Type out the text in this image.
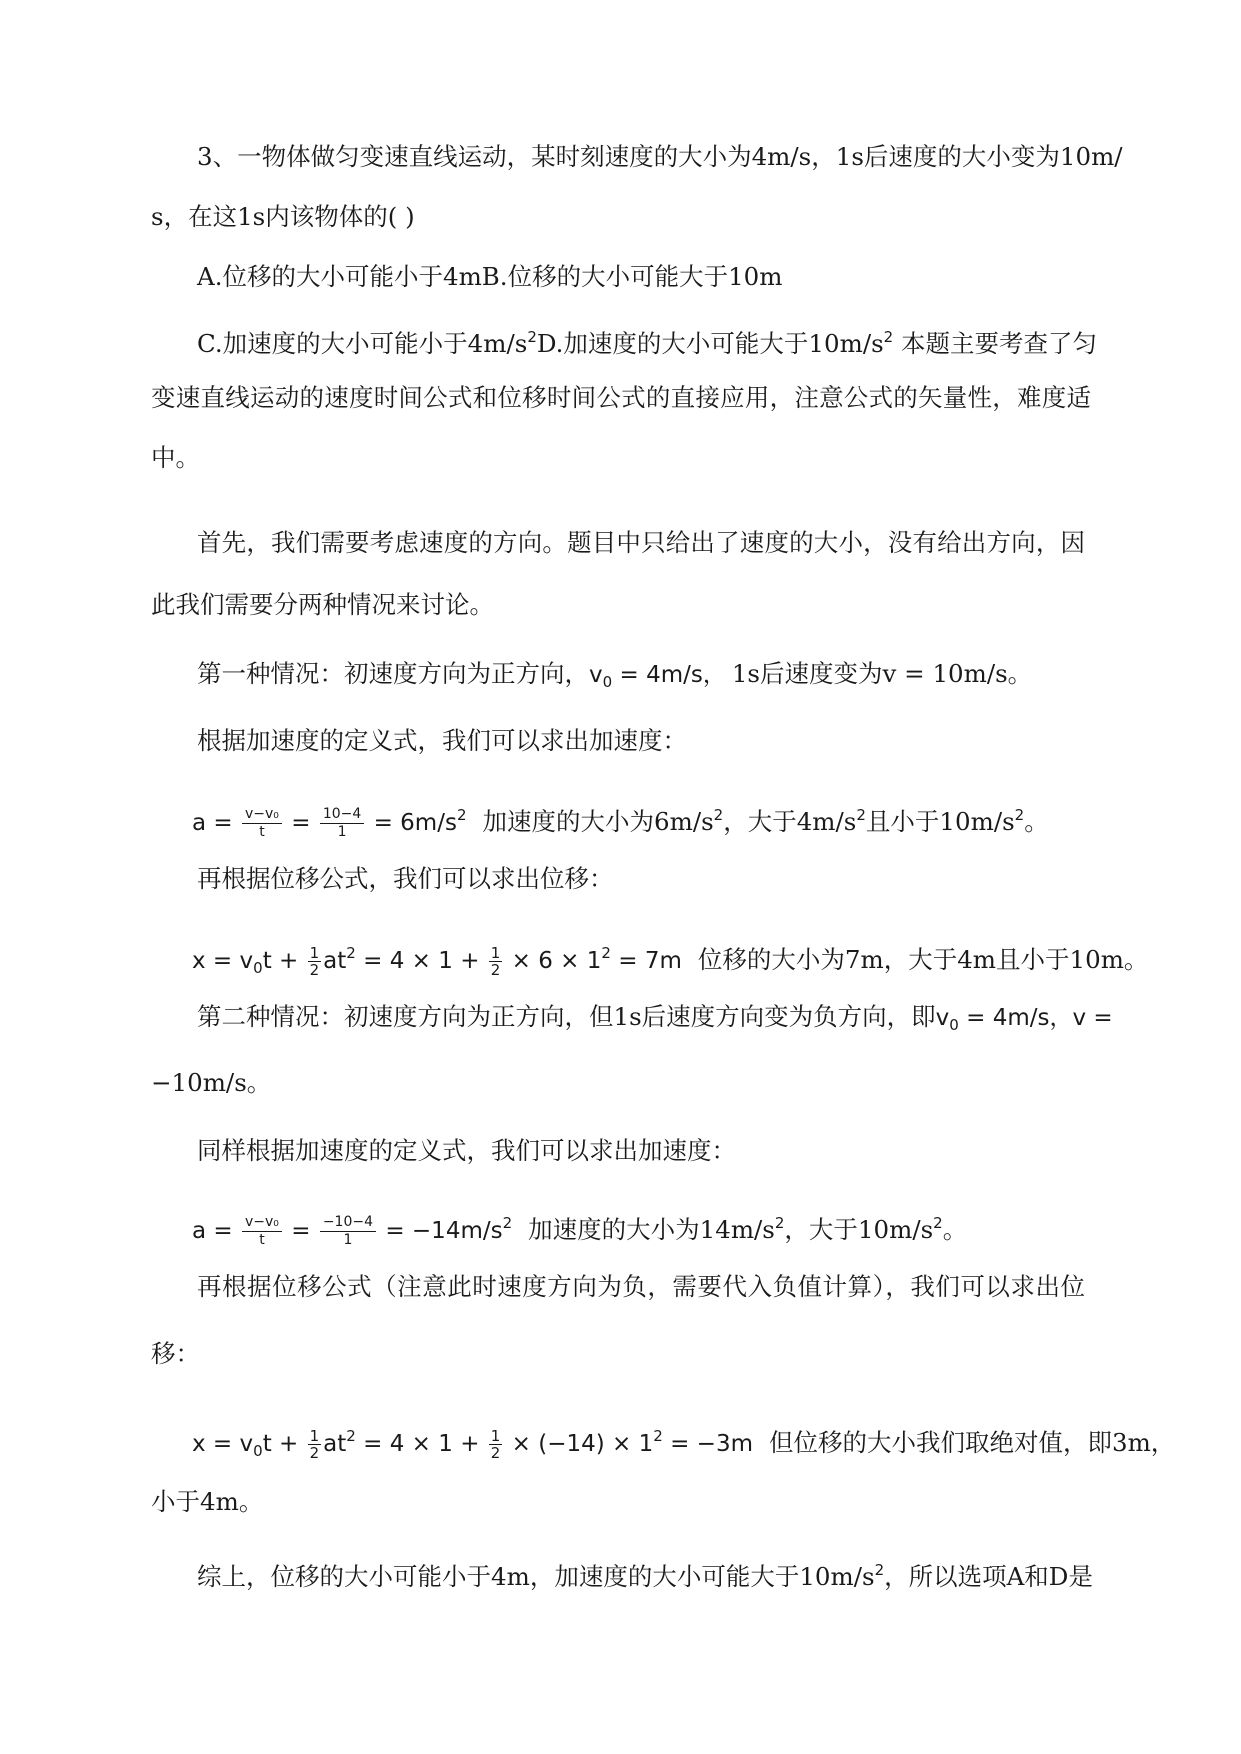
3、一物体做匀变速直线运动，某时刻速度的大小为4m/s，1s后速度的大小变为10m/
s，在这1s内该物体的( )
A.位移的大小可能小于4mB.位移的大小可能大于10m
C.加速度的大小可能小于$4m/s^2D$.加速度的大小可能大于$10m/s^2$ 本题主要考查了匀
变速直线运动的速度时间公式和位移时间公式的直接应用，注意公式的矢量性，难度适
中。
首先，我们需要考虑速度的方向。题目中只给出了速度的大小，没有给出方向，因
此我们需要分两种情况来讨论。
第一种情况：初速度方向为正方向，$v_0 = 4m/s$， 1s后速度变为v = 10m/s。
根据加速度的定义式，我们可以求出加速度：
$a = \frac{\text{v−v₀}}{t} = \frac{10-4}{1} = 6m/s^2$ 加速度的大小为$6m/s^2$，大于$4m/s^2$且小于$10m/s^2$。
再根据位移公式，我们可以求出位移：
$x = v_0t + \frac{1}{2} at^2 = 4 \times 1 + \frac{1}{2} \times 6 \times 1^2 = 7m$ 位移的大小为7m，大于4m且小于10m。
第二种情况：初速度方向为正方向，但1s后速度方向变为负方向，即$v_0 = 4m/s$，v =
−10m/s。
同样根据加速度的定义式，我们可以求出加速度：
$a = \frac{\text{v−v₀}}{t} = \frac{-10-4}{1} = -14m/s^2$ 加速度的大小为$14m/s^2$，大于$10m/s^2$。
再根据位移公式（注意此时速度方向为负，需要代入负值计算），我们可以求出位
移：
$x = v_0t + \frac{1}{2} at^2 = 4 \times 1 + \frac{1}{2} \times (-14) \times 1^2 = -3m$ 但位移的大小我们取绝对值，即3m，
小于4m。
综上，位移的大小可能小于4m，加速度的大小可能大于$10m/s^2$，所以选项A和D是
